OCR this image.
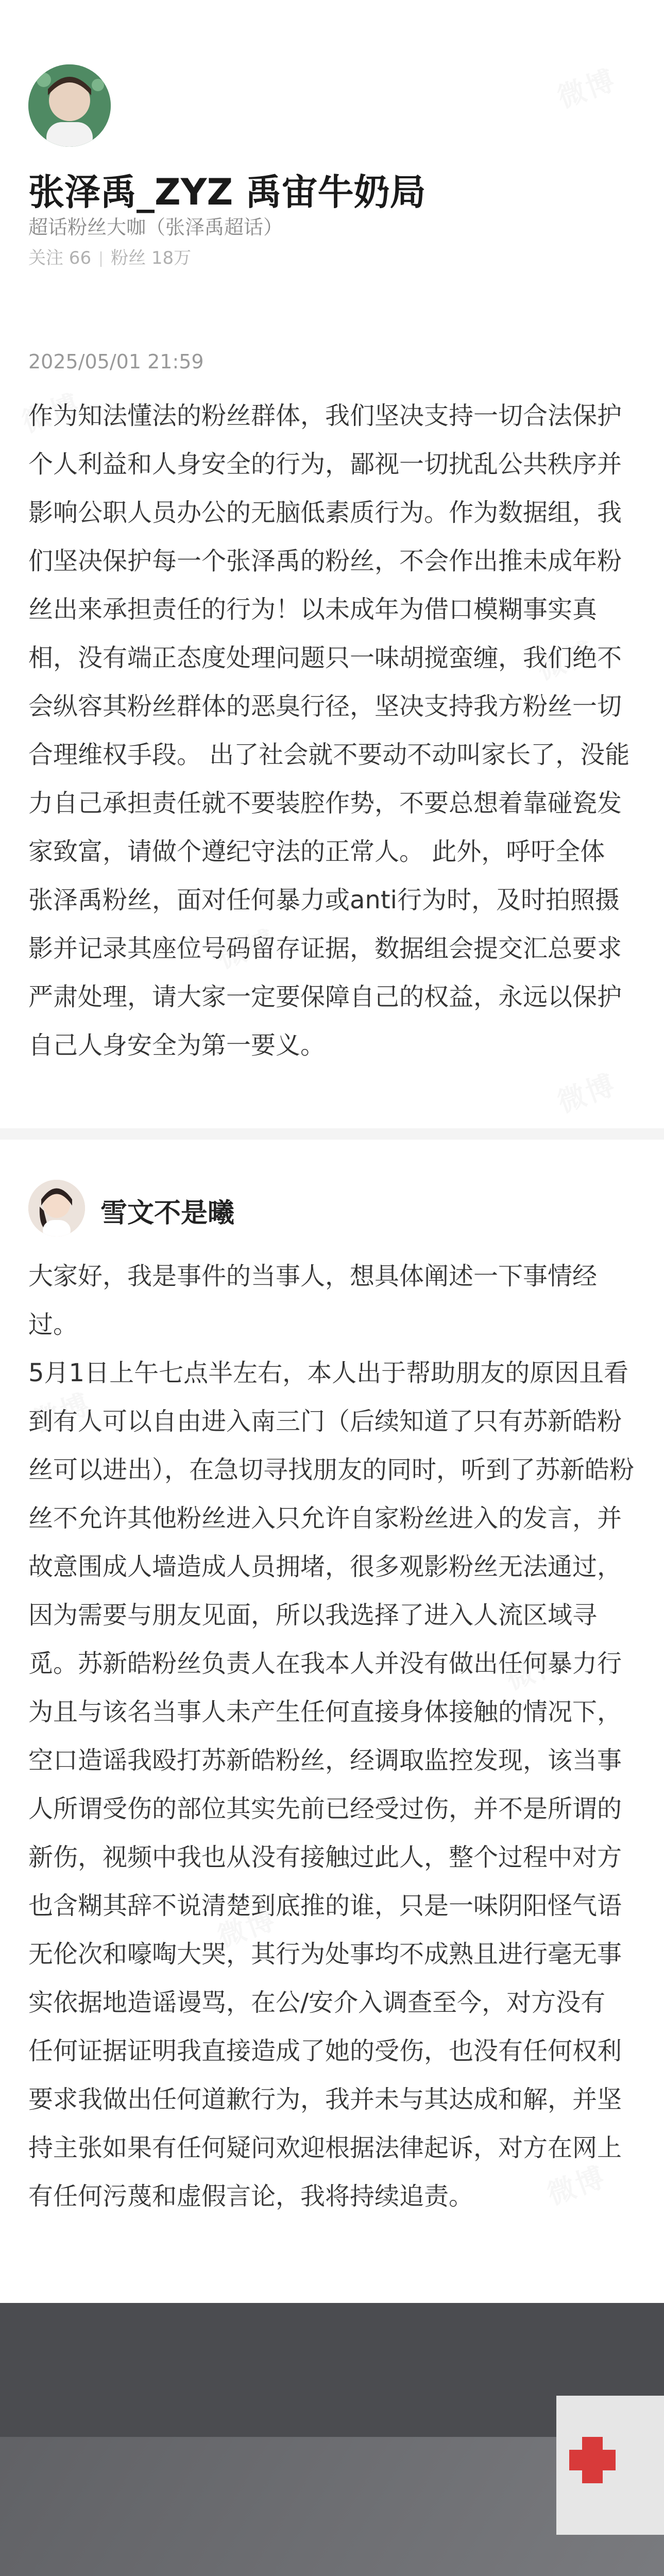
张泽禹_ZYZ 禹宙牛奶局
超话粉丝大咖（张泽禹超话）
关注 66 粉丝 18万
2025/05/01 21:59
作为知法懂法的粉丝群体，我们坚决支持一切合法保护
个人利益和人身安全的行为，鄙视一切扰乱公共秩序并
影响公职人员办公的无脑低素质行为。作为数据组，我
们坚决保护每一个张泽禹的粉丝，不会作出推未成年粉
丝出来承担责任的行为！以未成年为借口模糊事实真
相，没有端正态度处理问题只一味胡搅蛮缠，我们绝不
会纵容其粉丝群体的恶臭行径，坚决支持我方粉丝一切
合理维权手段。 出了社会就不要动不动叫家长了，没能
力自己承担责任就不要装腔作势，不要总想着靠碰瓷发
家致富，请做个遵纪守法的正常人。 此外，呼吁全体
张泽禹粉丝，面对任何暴力或anti行为时，及时拍照摄
影并记录其座位号码留存证据，数据组会提交汇总要求
严肃处理，请大家一定要保障自己的权益，永远以保护
自己人身安全为第一要义。
雪文不是曦
大家好，我是事件的当事人，想具体阐述一下事情经
过。
5月1日上午七点半左右，本人出于帮助朋友的原因且看
到有人可以自由进入南三门（后续知道了只有苏新皓粉
丝可以进出），在急切寻找朋友的同时，听到了苏新皓粉
丝不允许其他粉丝进入只允许自家粉丝进入的发言，并
故意围成人墙造成人员拥堵，很多观影粉丝无法通过，
因为需要与朋友见面，所以我选择了进入人流区域寻
觅。苏新皓粉丝负责人在我本人并没有做出任何暴力行
为且与该名当事人未产生任何直接身体接触的情况下，
空口造谣我殴打苏新皓粉丝，经调取监控发现，该当事
人所谓受伤的部位其实先前已经受过伤，并不是所谓的
新伤，视频中我也从没有接触过此人，整个过程中对方
也含糊其辞不说清楚到底推的谁，只是一味阴阳怪气语
无伦次和嚎啕大哭，其行为处事均不成熟且进行毫无事
实依据地造谣谩骂，在公/安介入调查至今，对方没有
任何证据证明我直接造成了她的受伤，也没有任何权利
要求我做出任何道歉行为，我并未与其达成和解，并坚
持主张如果有任何疑问欢迎根据法律起诉，对方在网上
有任何污蔑和虚假言论，我将持续追责。
